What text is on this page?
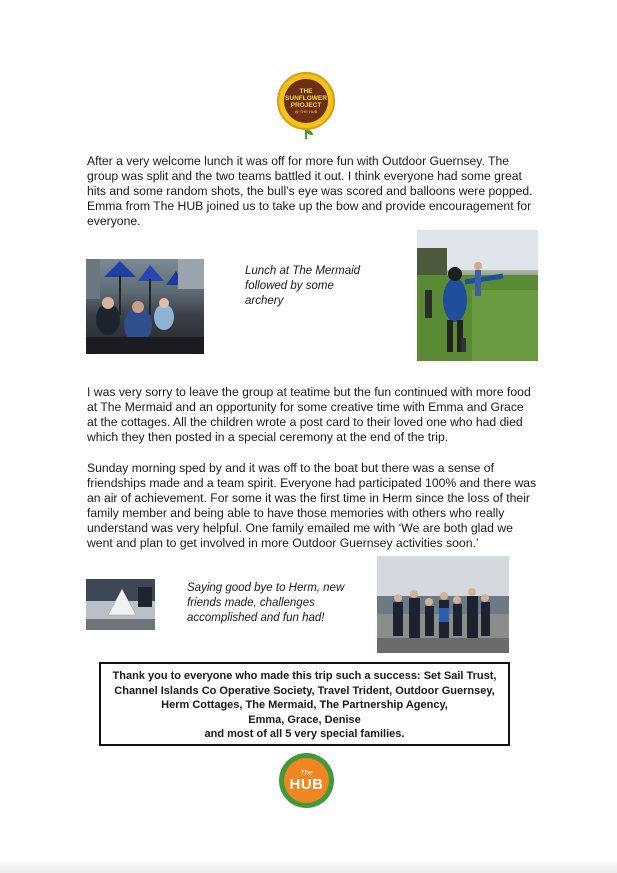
THE
SUNFLOWER
PROJECT
@ THE HUB

After a very welcome lunch it was off for more fun with Outdoor Guernsey. The group was split and the two teams battled it out. I think everyone had some great hits and some random shots, the bull’s eye was scored and balloons were popped. Emma from The HUB joined us to take up the bow and provide encouragement for everyone.

Lunch at The Mermaid followed by some archery

I was very sorry to leave the group at teatime but the fun continued with more food at The Mermaid and an opportunity for some creative time with Emma and Grace at the cottages. All the children wrote a post card to their loved one who had died which they then posted in a special ceremony at the end of the trip.

Sunday morning sped by and it was off to the boat but there was a sense of friendships made and a team spirit. Everyone had participated 100% and there was an air of achievement. For some it was the first time in Herm since the loss of their family member and being able to have those memories with others who really understand was very helpful. One family emailed me with ‘We are both glad we went and plan to get involved in more Outdoor Guernsey activities soon.’

Saying good bye to Herm, new friends made, challenges accomplished and fun had!

Thank you to everyone who made this trip such a success: Set Sail Trust,
Channel Islands Co Operative Society, Travel Trident, Outdoor Guernsey,
Herm Cottages, The Mermaid, The Partnership Agency,
Emma, Grace, Denise
and most of all 5 very special families.
The
HUB
